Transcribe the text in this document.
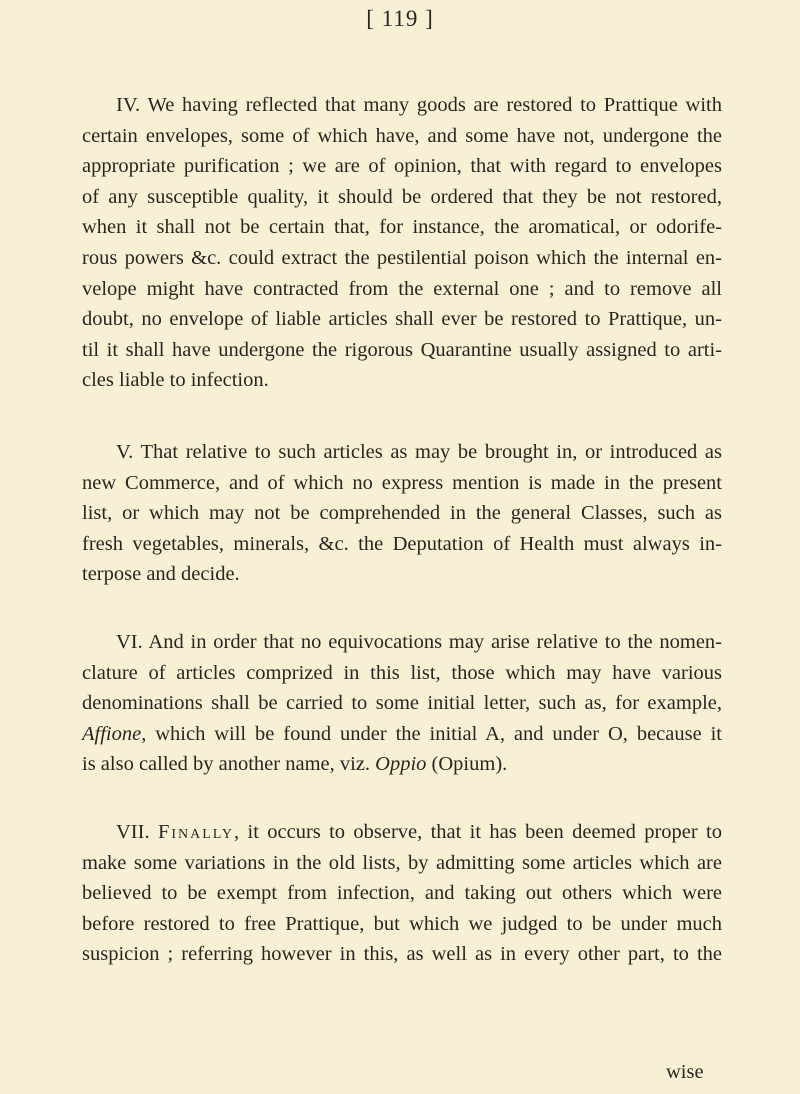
[ 119 ]
IV. We having reflected that many goods are restored to Prattique with
certain envelopes, some of which have, and some have not, undergone the
appropriate purification ; we are of opinion, that with regard to envelopes
of any susceptible quality, it should be ordered that they be not restored,
when it shall not be certain that, for instance, the aromatical, or odorife-
rous powers &c. could extract the pestilential poison which the internal en-
velope might have contracted from the external one ; and to remove all
doubt, no envelope of liable articles shall ever be restored to Prattique, un-
til it shall have undergone the rigorous Quarantine usually assigned to arti-
cles liable to infection.
V. That relative to such articles as may be brought in, or introduced as
new Commerce, and of which no express mention is made in the present
list, or which may not be comprehended in the general Classes, such as
fresh vegetables, minerals, &c. the Deputation of Health must always in-
terpose and decide.
VI. And in order that no equivocations may arise relative to the nomen-
clature of articles comprized in this list, those which may have various
denominations shall be carried to some initial letter, such as, for example,
Affione, which will be found under the initial A, and under O, because it
is also called by another name, viz. Oppio (Opium).
VII. Finally, it occurs to observe, that it has been deemed proper to
make some variations in the old lists, by admitting some articles which are
believed to be exempt from infection, and taking out others which were
before restored to free Prattique, but which we judged to be under much
suspicion ; referring however in this, as well as in every other part, to the
wise
